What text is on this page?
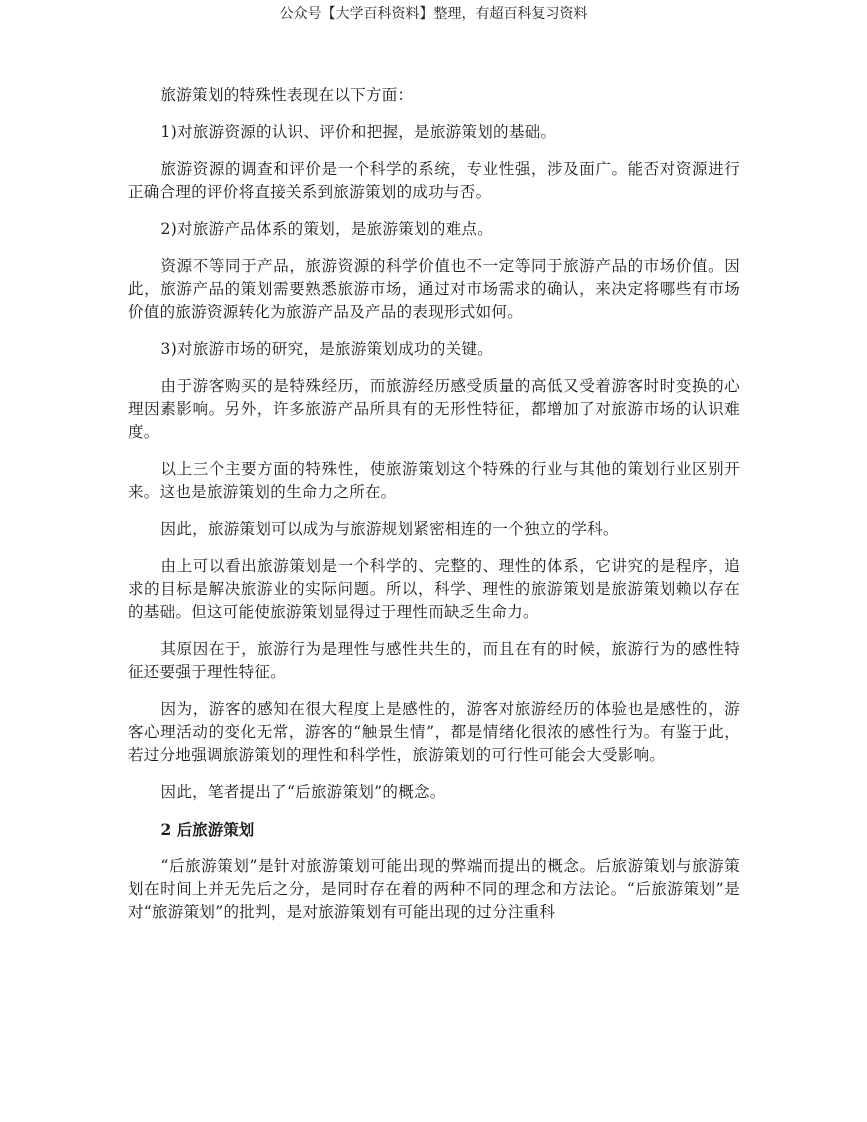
公众号【大学百科资料】整理，有超百科复习资料

旅游策划的特殊性表现在以下方面：

1)对旅游资源的认识、评价和把握，是旅游策划的基础。

旅游资源的调查和评价是一个科学的系统，专业性强，涉及面广。能否对资源进行正确合理的评价将直接关系到旅游策划的成功与否。

2)对旅游产品体系的策划，是旅游策划的难点。

资源不等同于产品，旅游资源的科学价值也不一定等同于旅游产品的市场价值。因此，旅游产品的策划需要熟悉旅游市场，通过对市场需求的确认，来决定将哪些有市场价值的旅游资源转化为旅游产品及产品的表现形式如何。

3)对旅游市场的研究，是旅游策划成功的关键。

由于游客购买的是特殊经历，而旅游经历感受质量的高低又受着游客时时变换的心理因素影响。另外，许多旅游产品所具有的无形性特征，都增加了对旅游市场的认识难度。

以上三个主要方面的特殊性，使旅游策划这个特殊的行业与其他的策划行业区别开来。这也是旅游策划的生命力之所在。

因此，旅游策划可以成为与旅游规划紧密相连的一个独立的学科。

由上可以看出旅游策划是一个科学的、完整的、理性的体系，它讲究的是程序，追求的目标是解决旅游业的实际问题。所以，科学、理性的旅游策划是旅游策划赖以存在的基础。但这可能使旅游策划显得过于理性而缺乏生命力。

其原因在于，旅游行为是理性与感性共生的，而且在有的时候，旅游行为的感性特征还要强于理性特征。

因为，游客的感知在很大程度上是感性的，游客对旅游经历的体验也是感性的，游客心理活动的变化无常，游客的“触景生情”，都是情绪化很浓的感性行为。有鉴于此，若过分地强调旅游策划的理性和科学性，旅游策划的可行性可能会大受影响。

因此，笔者提出了“后旅游策划”的概念。

2 后旅游策划

“后旅游策划”是针对旅游策划可能出现的弊端而提出的概念。后旅游策划与旅游策划在时间上并无先后之分，是同时存在着的两种不同的理念和方法论。“后旅游策划”是对“旅游策划”的批判，是对旅游策划有可能出现的过分注重科
